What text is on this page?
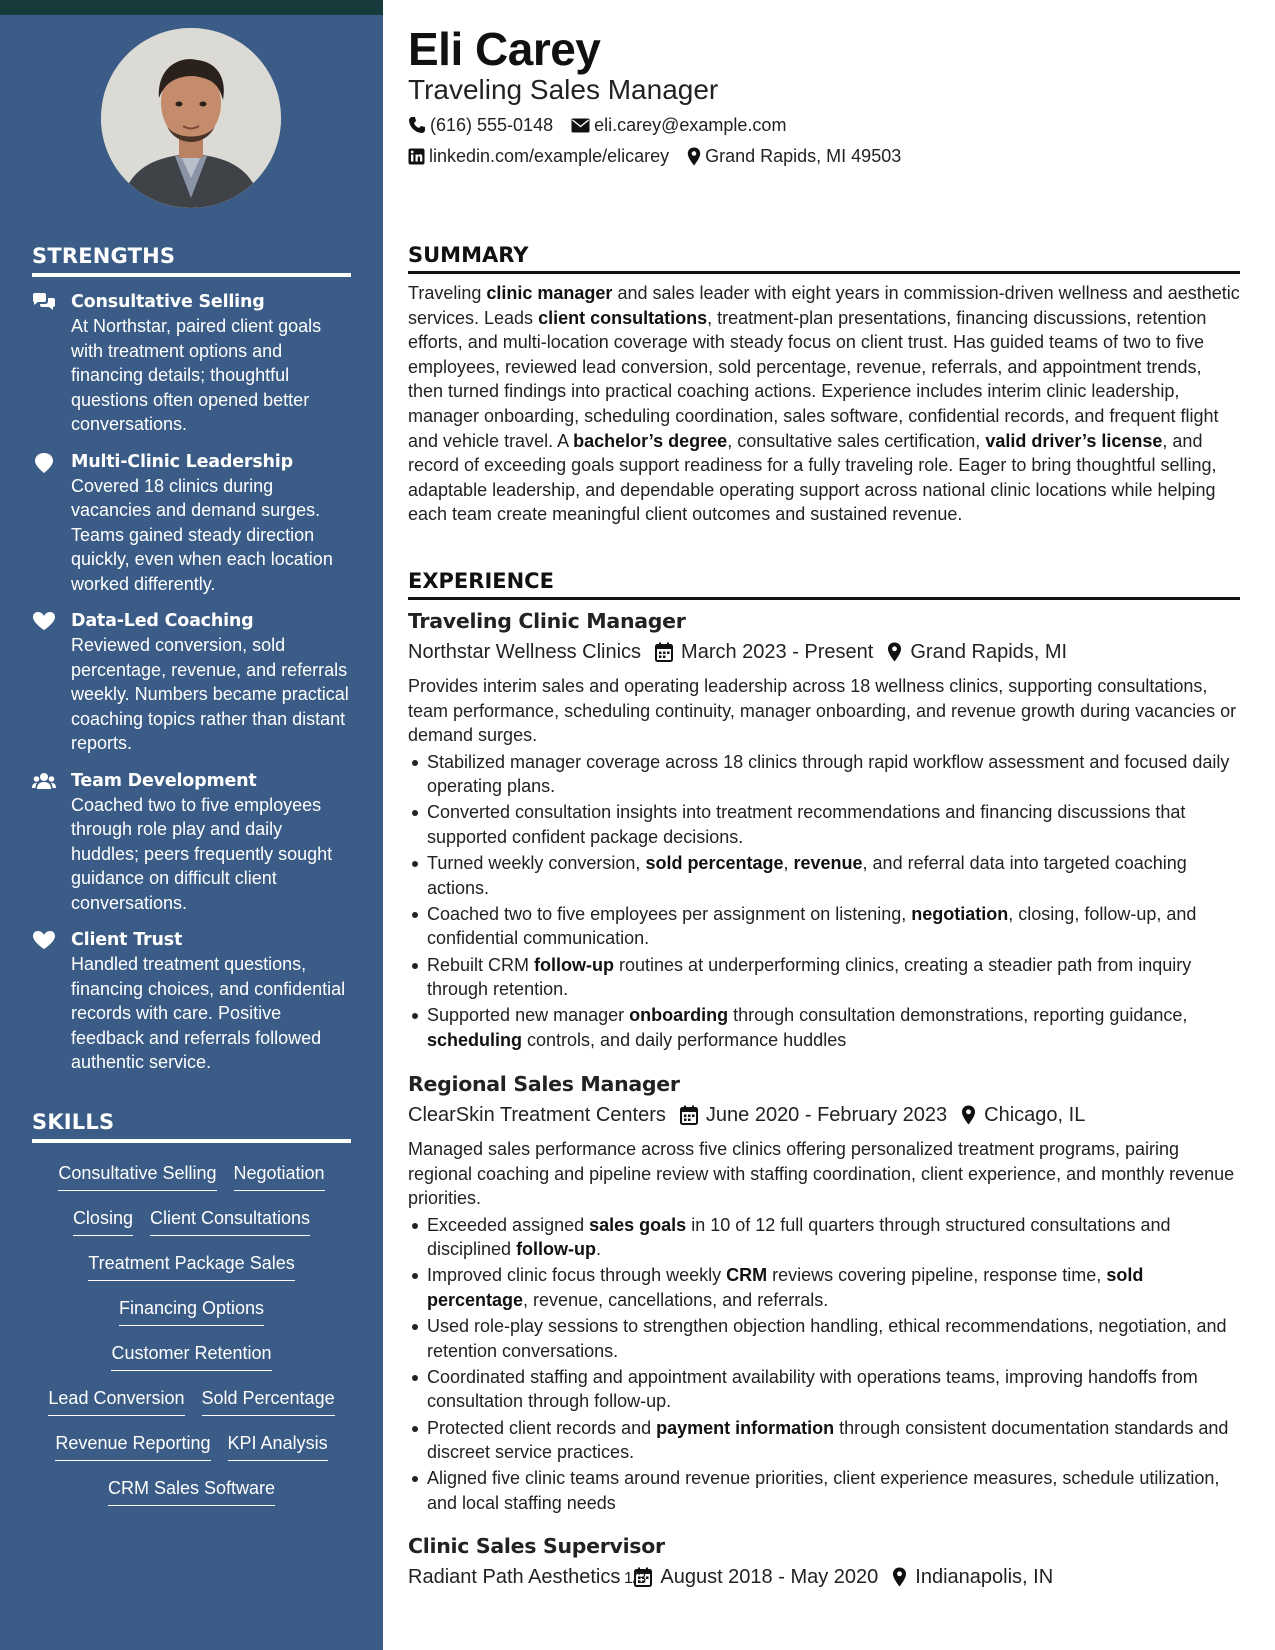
STRENGTHS
Consultative Selling
At Northstar, paired client goals with treatment options and financing details; thoughtful questions often opened better conversations.
Multi-Clinic Leadership
Covered 18 clinics during vacancies and demand surges. Teams gained steady direction quickly, even when each location worked differently.
Data-Led Coaching
Reviewed conversion, sold percentage, revenue, and referrals weekly. Numbers became practical coaching topics rather than distant reports.
Team Development
Coached two to five employees through role play and daily huddles; peers frequently sought guidance on difficult client conversations.
Client Trust
Handled treatment questions, financing choices, and confidential records with care. Positive feedback and referrals followed authentic service.
SKILLS
Consultative Selling Negotiation
Closing Client Consultations
Treatment Package Sales
Financing Options
Customer Retention
Lead Conversion Sold Percentage
Revenue Reporting KPI Analysis
CRM Sales Software
Eli Carey
Traveling Sales Manager
(616) 555-0148 eli.carey@example.com
linkedin.com/example/elicarey Grand Rapids, MI 49503
SUMMARY

Traveling clinic manager and sales leader with eight years in commission-driven wellness and aesthetic services. Leads client consultations, treatment-plan presentations, financing discussions, retention efforts, and multi-location coverage with steady focus on client trust. Has guided teams of two to five employees, reviewed lead conversion, sold percentage, revenue, referrals, and appointment trends, then turned findings into practical coaching actions. Experience includes interim clinic leadership, manager onboarding, scheduling coordination, sales software, confidential records, and frequent flight and vehicle travel. A bachelor’s degree, consultative sales certification, valid driver’s license, and record of exceeding goals support readiness for a fully traveling role. Eager to bring thoughtful selling, adaptable leadership, and dependable operating support across national clinic locations while helping each team create meaningful client outcomes and sustained revenue.

EXPERIENCE
Traveling Clinic Manager
Northstar Wellness Clinics March 2023 - Present Grand Rapids, MI

Provides interim sales and operating leadership across 18 wellness clinics, supporting consultations, team performance, scheduling continuity, manager onboarding, and revenue growth during vacancies or demand surges.

Stabilized manager coverage across 18 clinics through rapid workflow assessment and focused daily operating plans.
Converted consultation insights into treatment recommendations and financing discussions that supported confident package decisions.
Turned weekly conversion, sold percentage, revenue, and referral data into targeted coaching actions.
Coached two to five employees per assignment on listening, negotiation, closing, follow-up, and confidential communication.
Rebuilt CRM follow-up routines at underperforming clinics, creating a steadier path from inquiry through retention.
Supported new manager onboarding through consultation demonstrations, reporting guidance, scheduling controls, and daily performance huddles
Regional Sales Manager
ClearSkin Treatment Centers June 2020 - February 2023 Chicago, IL

Managed sales performance across five clinics offering personalized treatment programs, pairing regional coaching and pipeline review with staffing coordination, client experience, and monthly revenue priorities.

Exceeded assigned sales goals in 10 of 12 full quarters through structured consultations and disciplined follow-up.
Improved clinic focus through weekly CRM reviews covering pipeline, response time, sold percentage, revenue, cancellations, and referrals.
Used role-play sessions to strengthen objection handling, ethical recommendations, negotiation, and retention conversations.
Coordinated staffing and appointment availability with operations teams, improving handoffs from consultation through follow-up.
Protected client records and payment information through consistent documentation standards and discreet service practices.
Aligned five clinic teams around revenue priorities, client experience measures, schedule utilization, and local staffing needs
Clinic Sales Supervisor
Radiant Path Aesthetics August 2018 - May 2020 Indianapolis, IN
1/3
